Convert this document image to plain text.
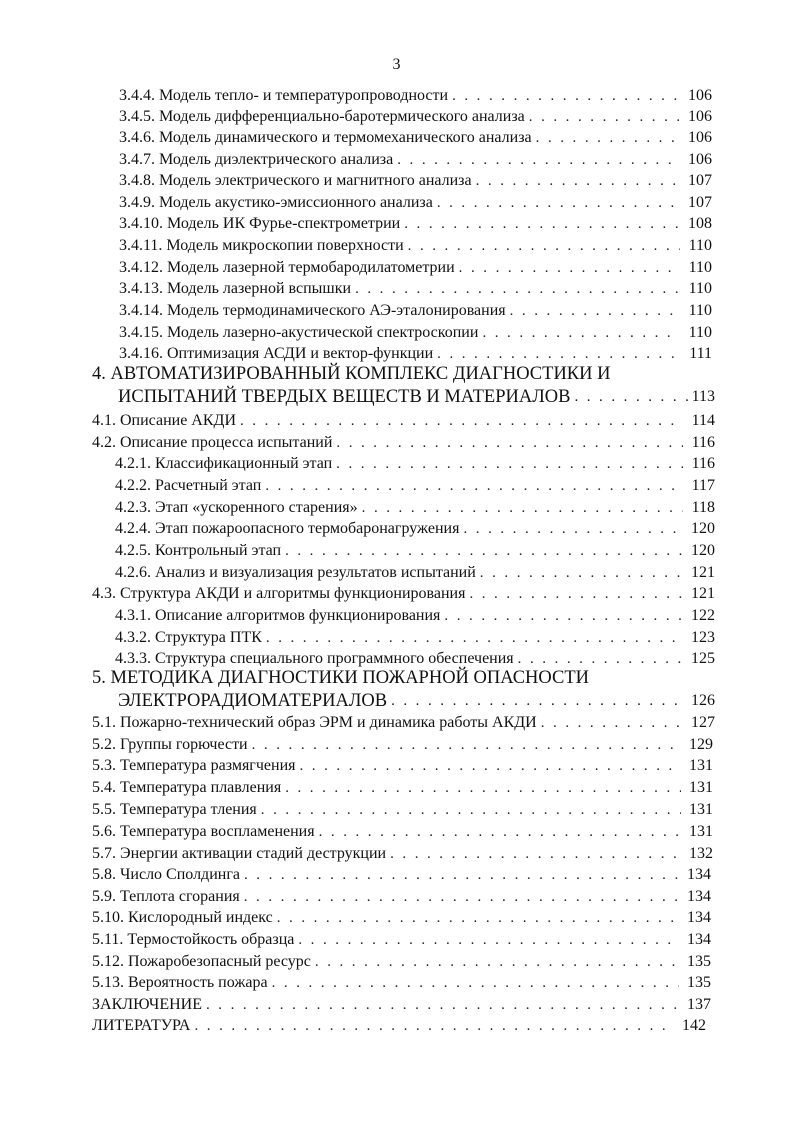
3
3.4.4. Модель тепло- и температуропроводности . . .	106
3.4.5. Модель дифференциально-баротермического анализа . . .	106
3.4.6. Модель динамического и термомеханического анализа . . .	106
3.4.7. Модель диэлектрического анализа . . .	106
3.4.8. Модель электрического и магнитного анализа . . .	107
3.4.9. Модель акустико-эмиссионного анализа . . .	107
3.4.10. Модель ИК Фурье-спектрометрии . . .	108
3.4.11. Модель микроскопии поверхности . . .	110
3.4.12. Модель лазерной термобародилатометрии . . .	110
3.4.13. Модель лазерной вспышки . . .	110
3.4.14. Модель термодинамического АЭ-эталонирования . . .	110
3.4.15. Модель лазерно-акустической спектроскопии . . .	110
3.4.16. Оптимизация АСДИ и вектор-функции . . .	111
4. АВТОМАТИЗИРОВАННЫЙ КОМПЛЕКС ДИАГНОСТИКИ И
ИСПЫТАНИЙ ТВЕРДЫХ ВЕЩЕСТВ И МАТЕРИАЛОВ . . .	113
4.1. Описание АКДИ . . .	114
4.2. Описание процесса испытаний . . .	116
4.2.1. Классификационный этап . . .	116
4.2.2. Расчетный этап . . .	117
4.2.3. Этап «ускоренного старения» . . .	118
4.2.4. Этап пожароопасного термобаронагружения . . .	120
4.2.5. Контрольный этап . . .	120
4.2.6. Анализ и визуализация результатов испытаний . . .	121
4.3. Структура АКДИ и алгоритмы функционирования . . .	121
4.3.1. Описание алгоритмов функционирования . . .	122
4.3.2. Структура ПТК . . .	123
4.3.3. Структура специального программного обеспечения . . .	125
5. МЕТОДИКА ДИАГНОСТИКИ ПОЖАРНОЙ ОПАСНОСТИ
ЭЛЕКТРОРАДИОМАТЕРИАЛОВ . . .	126
5.1. Пожарно-технический образ ЭРМ и динамика работы АКДИ . . .	127
5.2. Группы горючести . . .	129
5.3. Температура размягчения . . .	131
5.4. Температура плавления . . .	131
5.5. Температура тления . . .	131
5.6. Температура воспламенения . . .	131
5.7. Энергии активации стадий деструкции . . .	132
5.8. Число Сполдинга . . .	134
5.9. Теплота сгорания . . .	134
5.10. Кислородный индекс . . .	134
5.11. Термостойкость образца . . .	134
5.12. Пожаробезопасный ресурс . . .	135
5.13. Вероятность пожара . . .	135
ЗАКЛЮЧЕНИЕ . . .	137
ЛИТЕРАТУРА . . .	142
